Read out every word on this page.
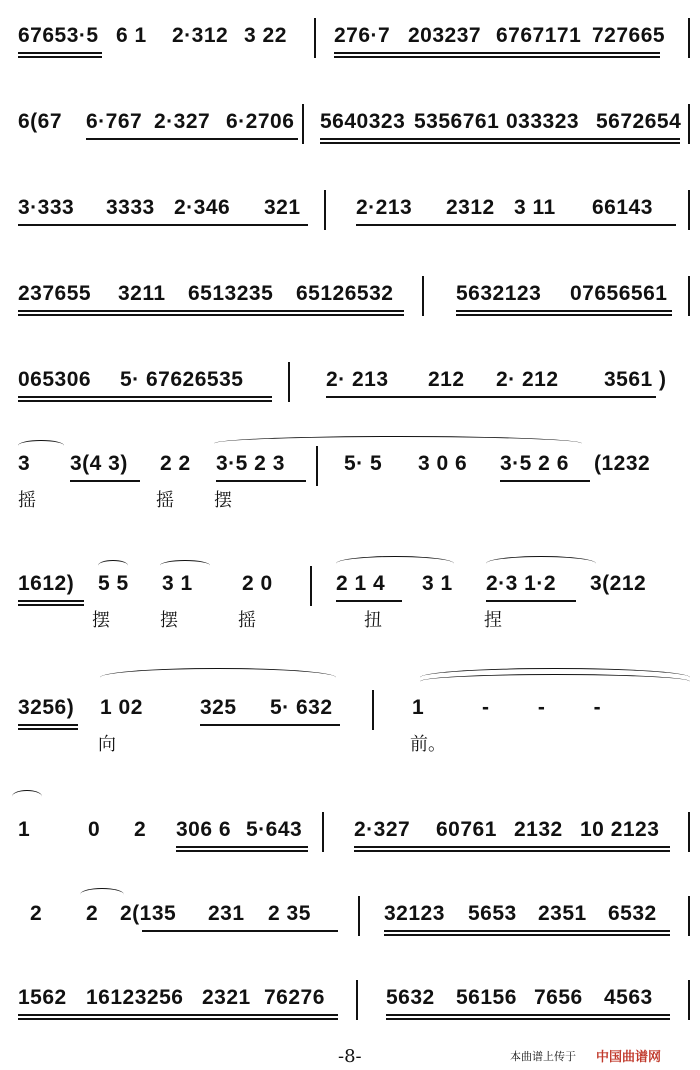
67653·5 6 1 2·312 3 22 276·7 203237 6767171 727665
6(67 6·767 2·327 6·2706 5640323 5356761 033323 5672654
3·333 3333 2·346 321	2·213 2312 3 11 66143
237655 3211 6513235 65126532	5632123 07656561
065306 5· 67626535	2· 213 212 2· 212 3561 )
3 3(4 3) 2 2 3·5 2 3	5· 5 3 0 6 3·5 2 6 (1232
摇	摇 摆
1612) 5 5 3 1 2 0	2 1 4 3 1 2·3 1·2 3(212
摆	摆	摇	扭	捏
3256) 1 02	325 5· 632	1	- - -
向	前。
1	0 2 306 6 5·643 2·327 60761 2132 10 2123
2 2 2(135 231 2 35	32123 5653 2351 6532
1562 16123256 2321 76276	5632 56156 7656 4563
-8-	本曲谱上传于 中国曲谱网
